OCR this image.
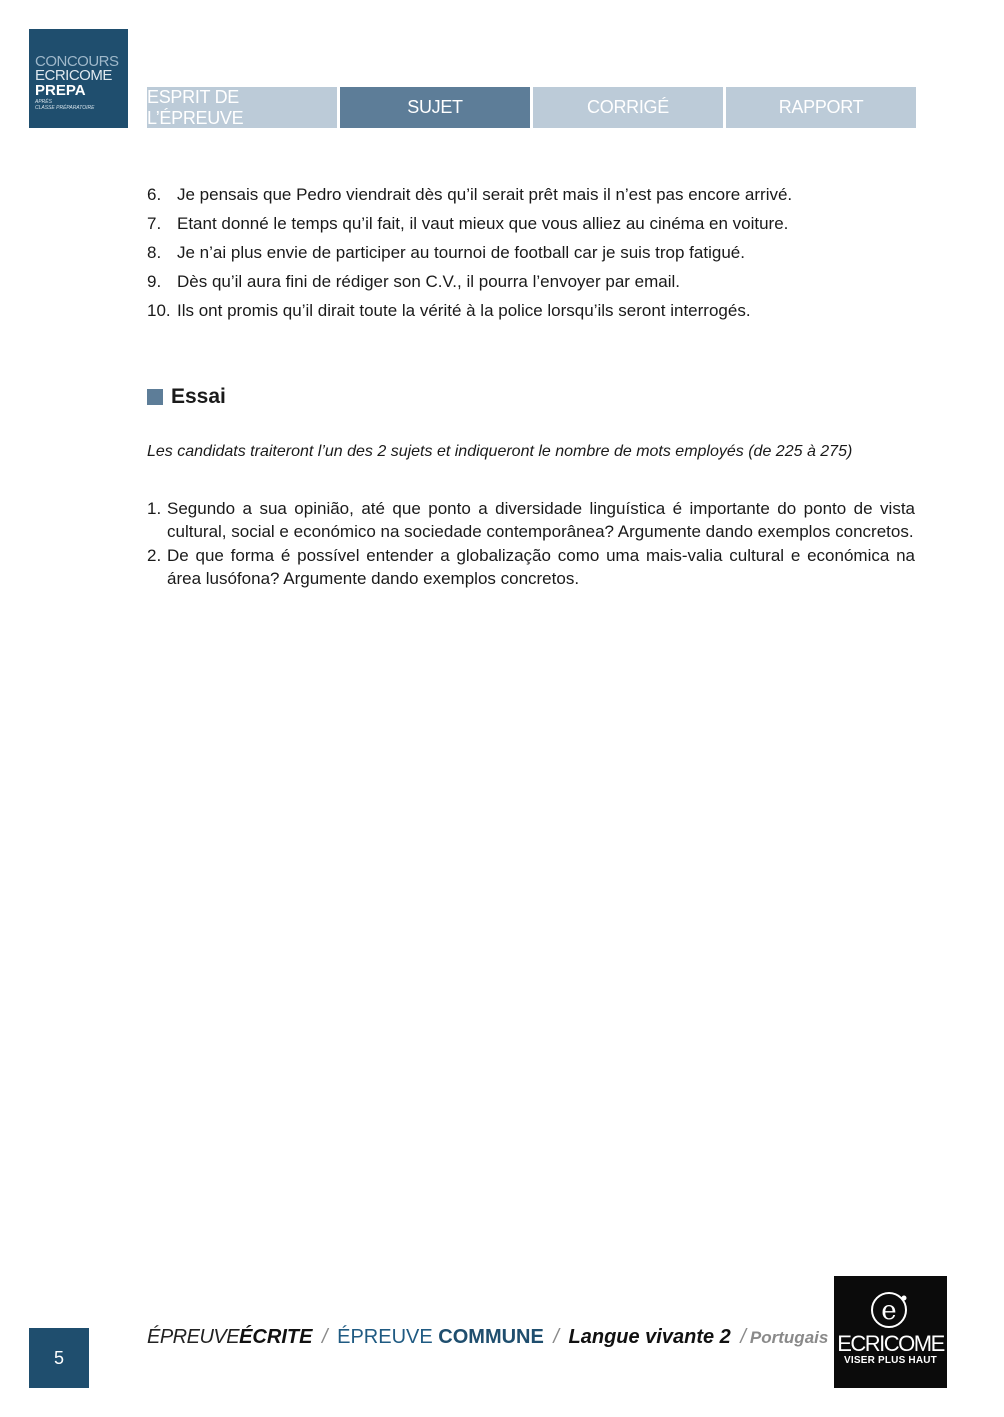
CONCOURS
ECRICOME
PREPA
APRÈS
CLASSE PRÉPARATOIRE
ESPRIT DE L’ÉPREUVE
SUJET	CORRIGÉ	RAPPORT
6. Je pensais que Pedro viendrait dès qu’il serait prêt mais il n’est pas encore arrivé.
7. Etant donné le temps qu’il fait, il vaut mieux que vous alliez au cinéma en voiture.
8. Je n’ai plus envie de participer au tournoi de football car je suis trop fatigué.
9. Dès qu’il aura fini de rédiger son C.V., il pourra l’envoyer par email.
10. Ils ont promis qu’il dirait toute la vérité à la police lorsqu’ils seront interrogés.
Essai
Les candidats traiteront l’un des 2 sujets et indiqueront le nombre de mots employés (de 225 à 275)
1. Segundo a sua opinião, até que ponto a diversidade linguística é importante do ponto de vista cultural, social e económico na sociedade contemporânea? Argumente dando exemplos concretos.
2. De que forma é possível entender a globalização como uma mais-valia cultural e económica na área lusófona? Argumente dando exemplos concretos.
5
ÉPREUVEÉCRITE / ÉPREUVE COMMUNE / Langue vivante 2 / Portugais
e
ECRICOME
VISER PLUS HAUT
